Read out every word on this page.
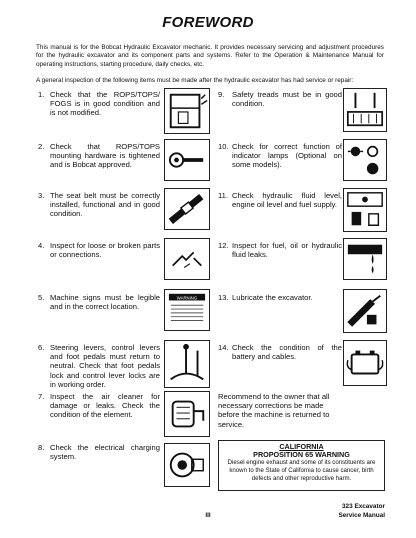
FOREWORD
This manual is for the Bobcat Hydraulic Excavator mechanic. It provides necessary servicing and adjustment procedures for the hydraulic excavator and its component parts and systems. Refer to the Operation & Maintenance Manual for operating instructions, starting procedure, daily checks, etc.
A general inspection of the following items must be made after the hydraulic excavator has had service or repair:
1. Check that the ROPS/TOPS/ FOGS is in good condition and is not modified.
2. Check that ROPS/TOPS mounting hardware is tightened and is Bobcat approved.
3. The seat belt must be correctly installed, functional and in good condition.
4. Inspect for loose or broken parts or connections.
5. Machine signs must be legible and in the correct location.
6. Steering levers, control levers and foot pedals must return to neutral. Check that foot pedals lock and control lever locks are in working order.
7. Inspect the air cleaner for damage or leaks. Check the condition of the element.
8. Check the electrical charging system.
9. Safety treads must be in good condition.
10. Check for correct function of indicator lamps (Optional on some models).
11. Check hydraulic fluid level, engine oil level and fuel supply.
12. Inspect for fuel, oil or hydraulic fluid leaks.
13. Lubricate the excavator.
14. Check the condition of the battery and cables.
Recommend to the owner that all necessary corrections be made before the machine is returned to service.
WARNING
CALIFORNIA
PROPOSITION 65 WARNING
Diesel engine exhaust and some of its constituents are known to the State of California to cause cancer, birth defects and other reproductive harm.
323 Excavator
Service Manual
III
